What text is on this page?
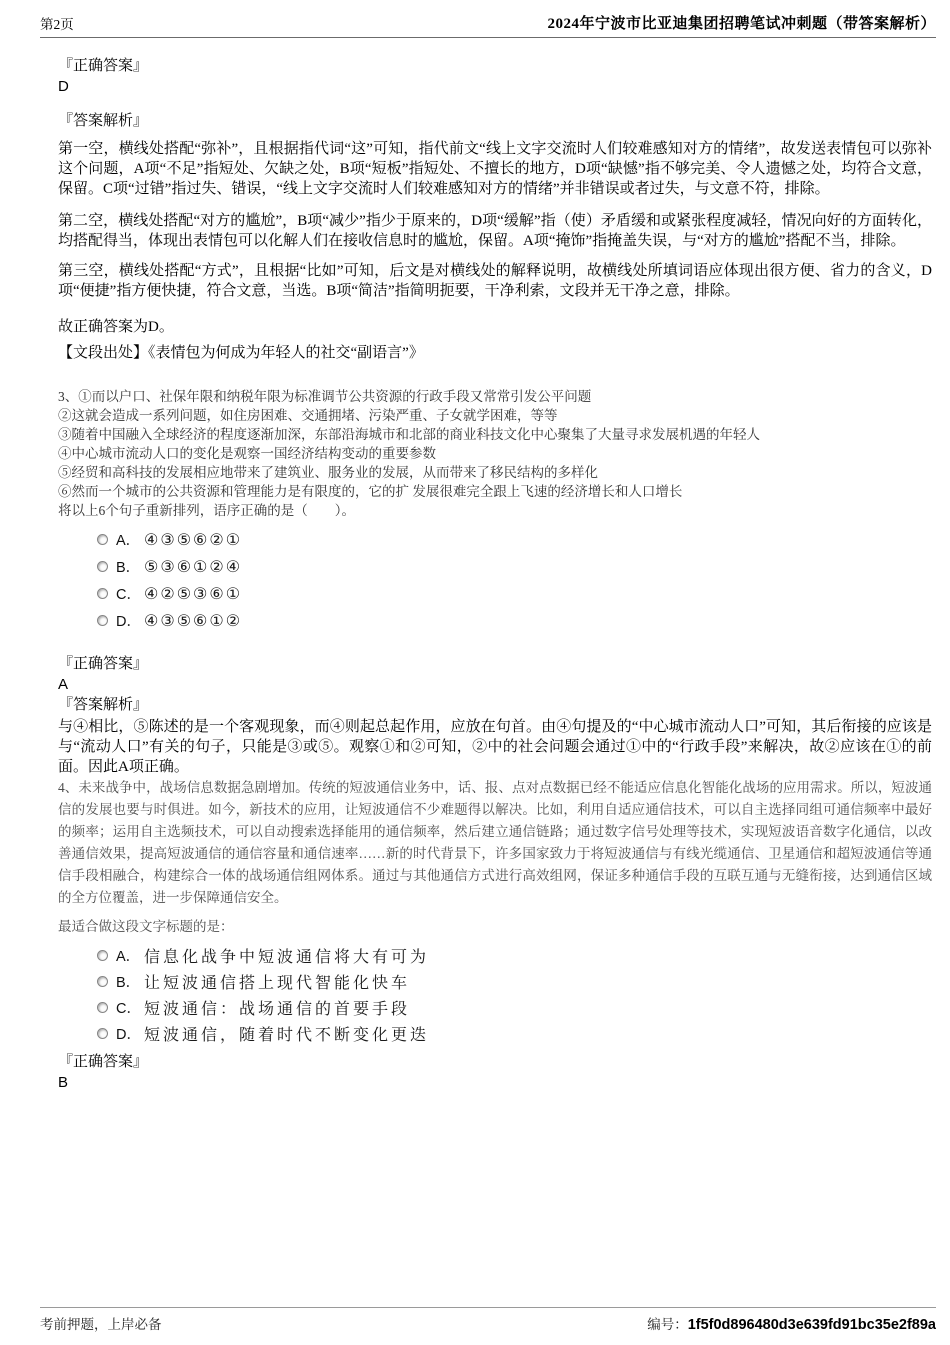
第2页	2024年宁波市比亚迪集团招聘笔试冲刺题（带答案解析）
『正确答案』
D
『答案解析』

第一空，横线处搭配“弥补”，且根据指代词“这”可知，指代前文“线上文字交流时人们较难感知对方的情绪”，故发送表情包可以弥补这个问题，A项“不足”指短处、欠缺之处，B项“短板”指短处、不擅长的地方，D项“缺憾”指不够完美、令人遗憾之处，均符合文意，保留。C项“过错”指过失、错误，“线上文字交流时人们较难感知对方的情绪”并非错误或者过失，与文意不符，排除。

第二空，横线处搭配“对方的尴尬”，B项“减少”指少于原来的，D项“缓解”指（使）矛盾缓和或紧张程度减轻，情况向好的方面转化，均搭配得当，体现出表情包可以化解人们在接收信息时的尴尬，保留。A项“掩饰”指掩盖失误，与“对方的尴尬”搭配不当，排除。

第三空，横线处搭配“方式”，且根据“比如”可知，后文是对横线处的解释说明，故横线处所填词语应体现出很方便、省力的含义，D项“便捷”指方便快捷，符合文意，当选。B项“简洁”指简明扼要，干净利索，文段并无干净之意，排除。

故正确答案为D。

【文段出处】《表情包为何成为年轻人的社交“副语言”》

3、①而以户口、社保年限和纳税年限为标准调节公共资源的行政手段又常常引发公平问题
②这就会造成一系列问题，如住房困难、交通拥堵、污染严重、子女就学困难，等等
③随着中国融入全球经济的程度逐渐加深，东部沿海城市和北部的商业科技文化中心聚集了大量寻求发展机遇的年轻人
④中心城市流动人口的变化是观察一国经济结构变动的重要参数
⑤经贸和高科技的发展相应地带来了建筑业、服务业的发展，从而带来了移民结构的多样化
⑥然而一个城市的公共资源和管理能力是有限度的，它的扩 发展很难完全跟上飞速的经济增长和人口增长
将以上6个句子重新排列，语序正确的是（　　）。
A． ④③⑤⑥②①
B． ⑤③⑥①②④
C． ④②⑤③⑥①
D． ④③⑤⑥①②
『正确答案』
A
『答案解析』

与④相比，⑤陈述的是一个客观现象，而④则起总起作用，应放在句首。由④句提及的“中心城市流动人口”可知，其后衔接的应该是与“流动人口”有关的句子，只能是③或⑤。观察①和②可知，②中的社会问题会通过①中的“行政手段”来解决，故②应该在①的前面。因此A项正确。

4、未来战争中，战场信息数据急剧增加。传统的短波通信业务中，话、报、点对点数据已经不能适应信息化智能化战场的应用需求。所以，短波通信的发展也要与时俱进。如今，新技术的应用，让短波通信不少难题得以解决。比如，利用自适应通信技术，可以自主选择同组可通信频率中最好的频率；运用自主选频技术，可以自动搜索选择能用的通信频率，然后建立通信链路；通过数字信号处理等技术，实现短波语音数字化通信，以改善通信效果，提高短波通信的通信容量和通信速率……新的时代背景下，许多国家致力于将短波通信与有线光缆通信、卫星通信和超短波通信等通信手段相融合，构建综合一体的战场通信组网体系。通过与其他通信方式进行高效组网，保证多种通信手段的互联互通与无缝衔接，达到通信区域的全方位覆盖，进一步保障通信安全。

最适合做这段文字标题的是：
A． 信息化战争中短波通信将大有可为
B． 让短波通信搭上现代智能化快车
C． 短波通信：战场通信的首要手段
D． 短波通信，随着时代不断变化更迭
『正确答案』
B
考前押题，上岸必备	编号：1f5f0d896480d3e639fd91bc35e2f89a
